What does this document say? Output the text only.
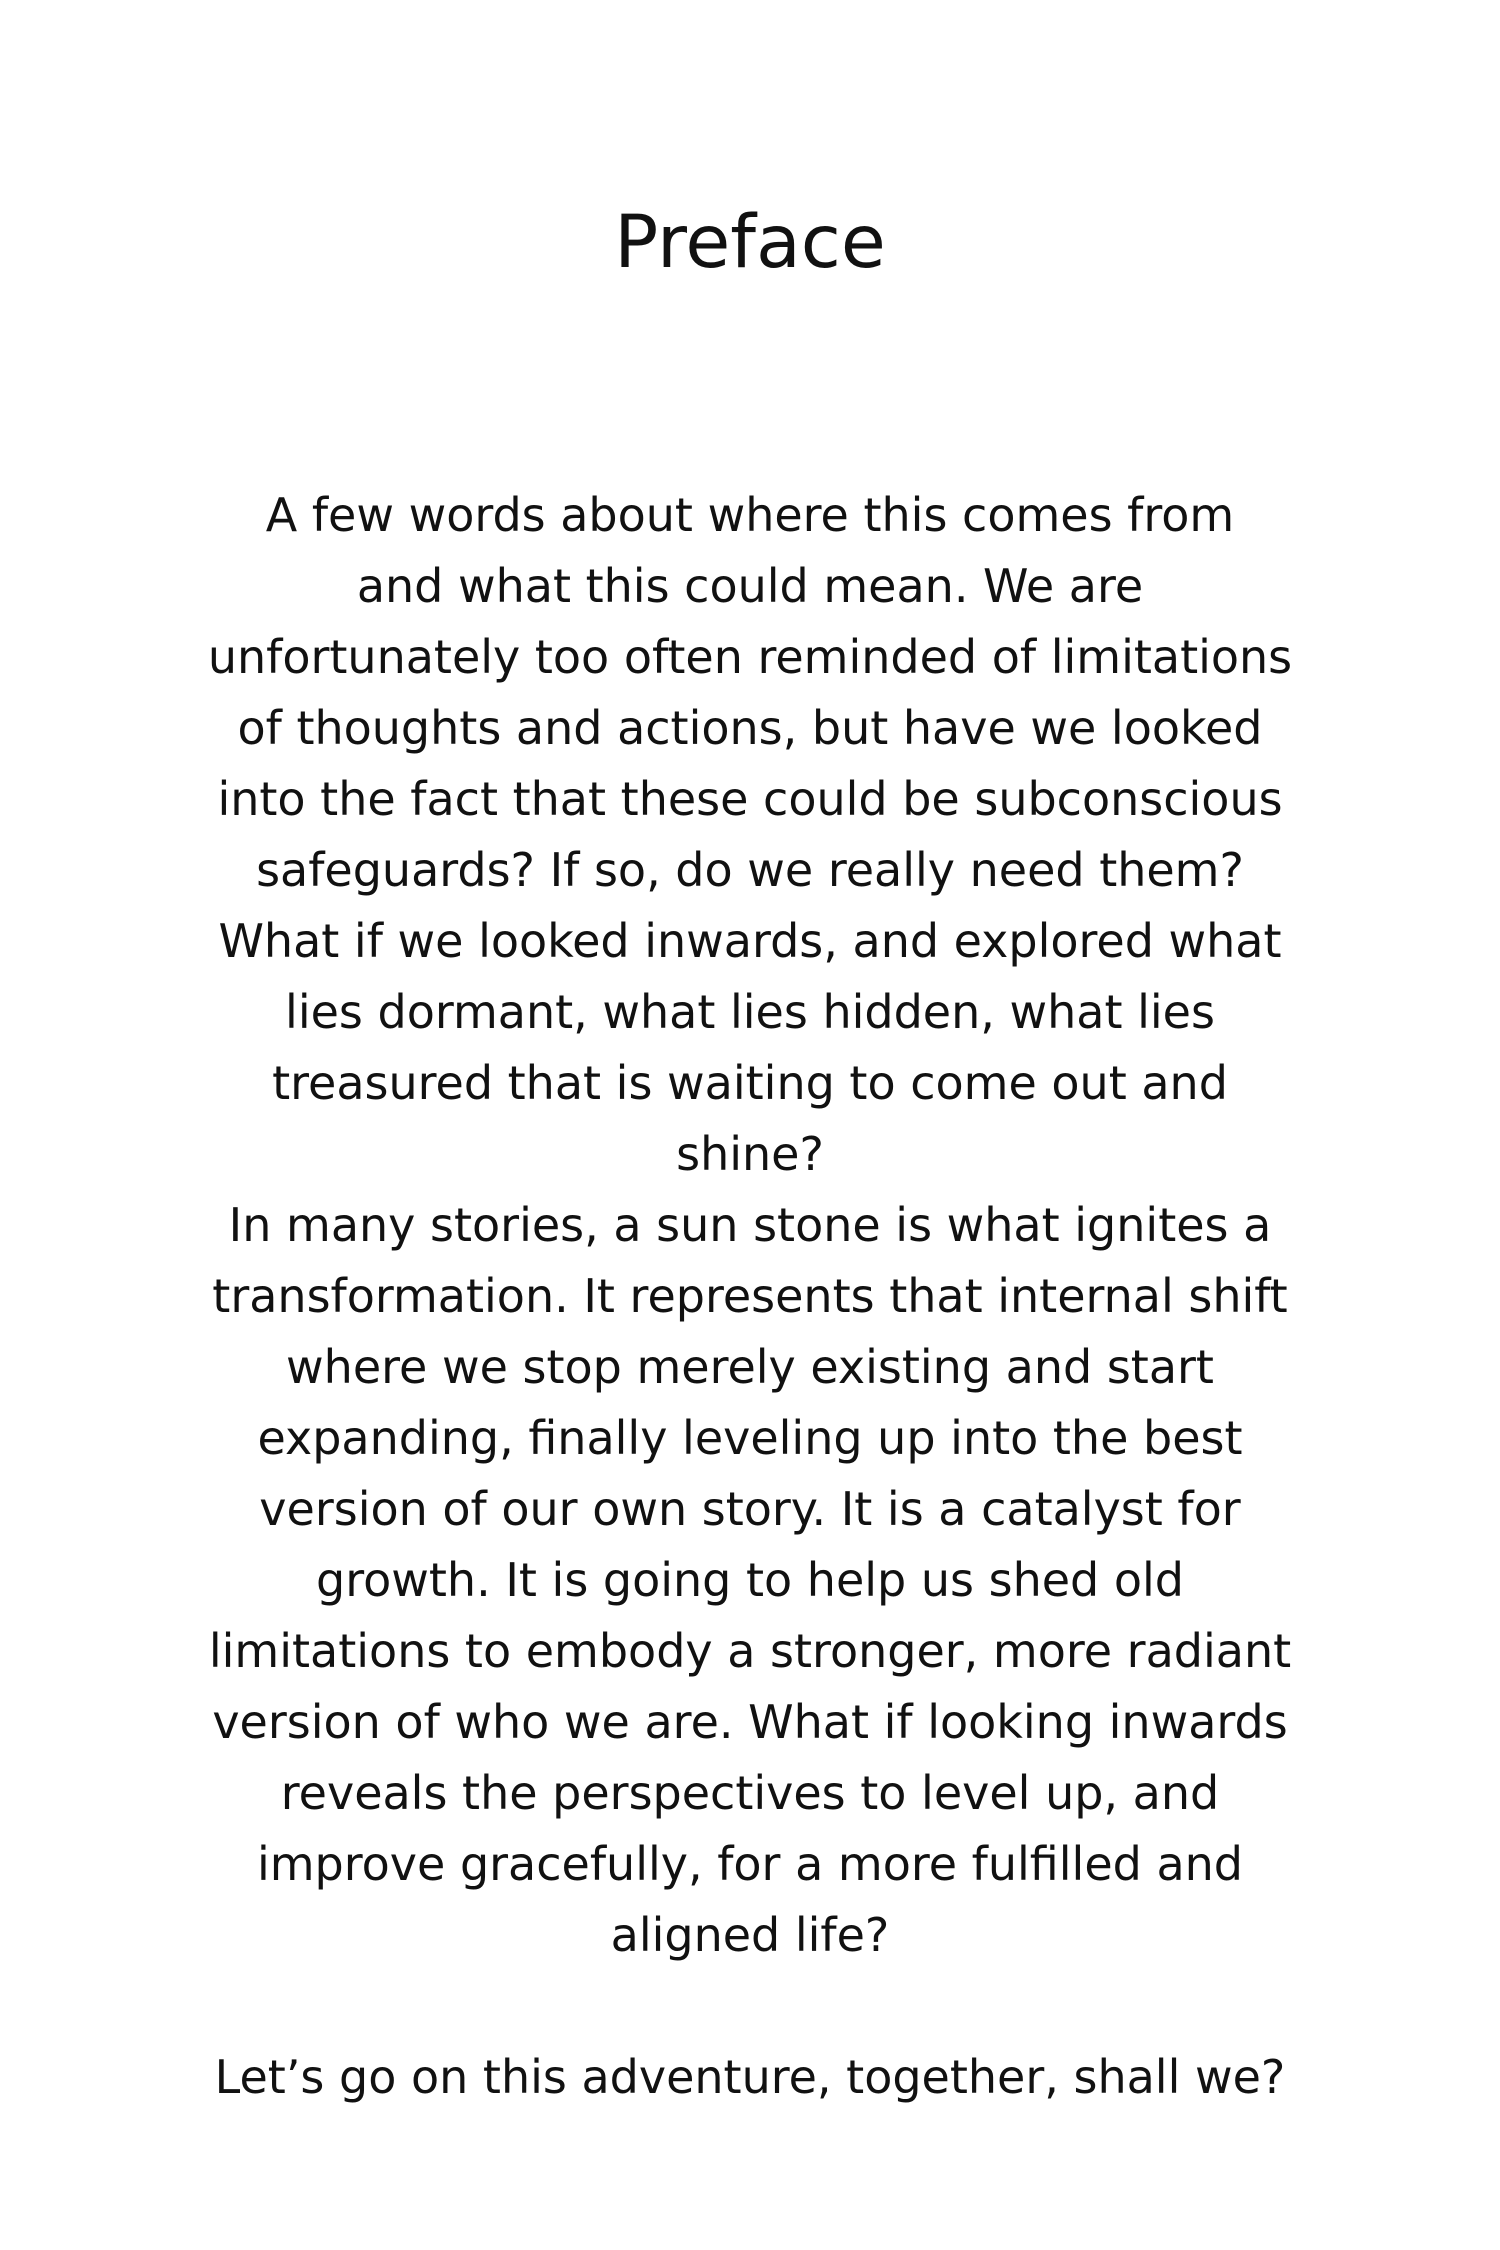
Preface
A few words about where this comes from
and what this could mean. We are
unfortunately too often reminded of limitations
of thoughts and actions, but have we looked
into the fact that these could be subconscious
safeguards? If so, do we really need them?
What if we looked inwards, and explored what
lies dormant, what lies hidden, what lies
treasured that is waiting to come out and
shine?
In many stories, a sun stone is what ignites a
transformation. It represents that internal shift
where we stop merely existing and start
expanding, finally leveling up into the best
version of our own story. It is a catalyst for
growth. It is going to help us shed old
limitations to embody a stronger, more radiant
version of who we are. What if looking inwards
reveals the perspectives to level up, and
improve gracefully, for a more fulfilled and
aligned life?
Let’s go on this adventure, together, shall we?
